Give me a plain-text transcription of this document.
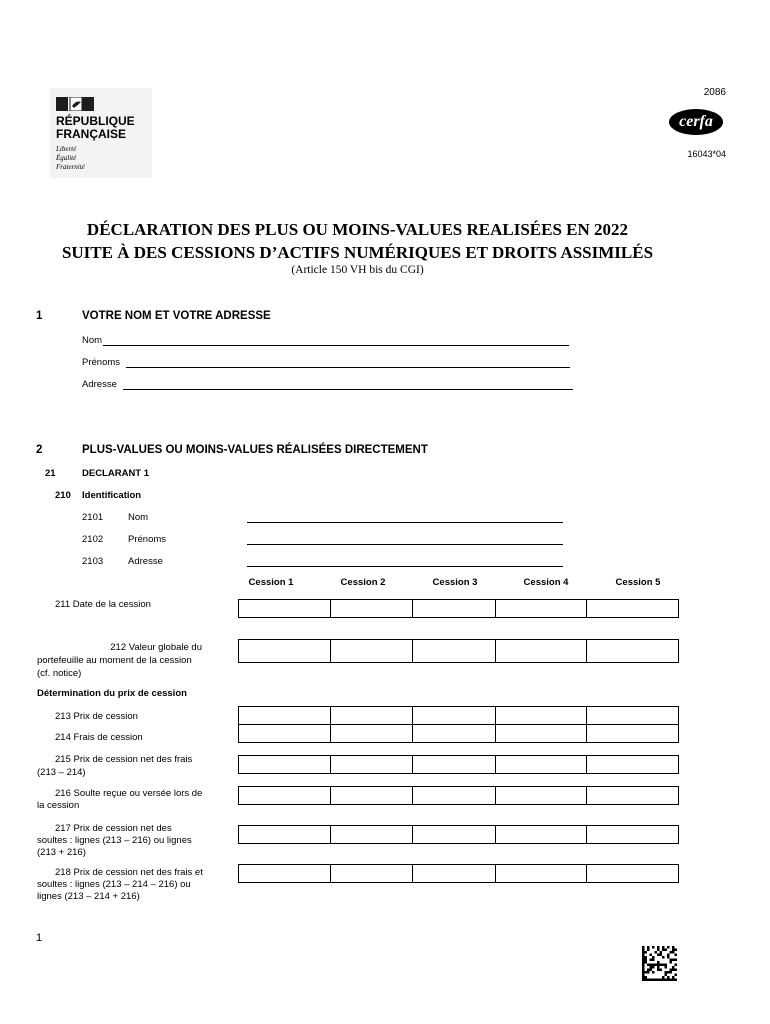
RÉPUBLIQUE
FRANÇAISE
Liberté
Égalité
Fraternité
2086
cerfa
16043*04
DÉCLARATION DES PLUS OU MOINS-VALUES REALISÉES EN 2022
SUITE À DES CESSIONS D’ACTIFS NUMÉRIQUES ET DROITS ASSIMILÉS
(Article 150 VH bis du CGI)
1	VOTRE NOM ET VOTRE ADRESSE
Nom
Prénoms
Adresse
2	PLUS-VALUES OU MOINS-VALUES RÉALISÉES DIRECTEMENT
21	DECLARANT 1
210 Identification
2101	Nom
2102	Prénoms
2103	Adresse
Cession 1	Cession 2	Cession 3	Cession 4	Cession 5
211 Date de la cession
212 Valeur globale du
portefeuille au moment de la cession
(cf. notice)
Détermination du prix de cession
213 Prix de cession
214 Frais de cession
215 Prix de cession net des frais
(213 – 214)
216 Soulte reçue ou versée lors de
la cession
217 Prix de cession net des
soultes : lignes (213 – 216) ou lignes
(213 + 216)
218 Prix de cession net des frais et
soultes : lignes (213 – 214 – 216) ou
lignes (213 – 214 + 216)
1
